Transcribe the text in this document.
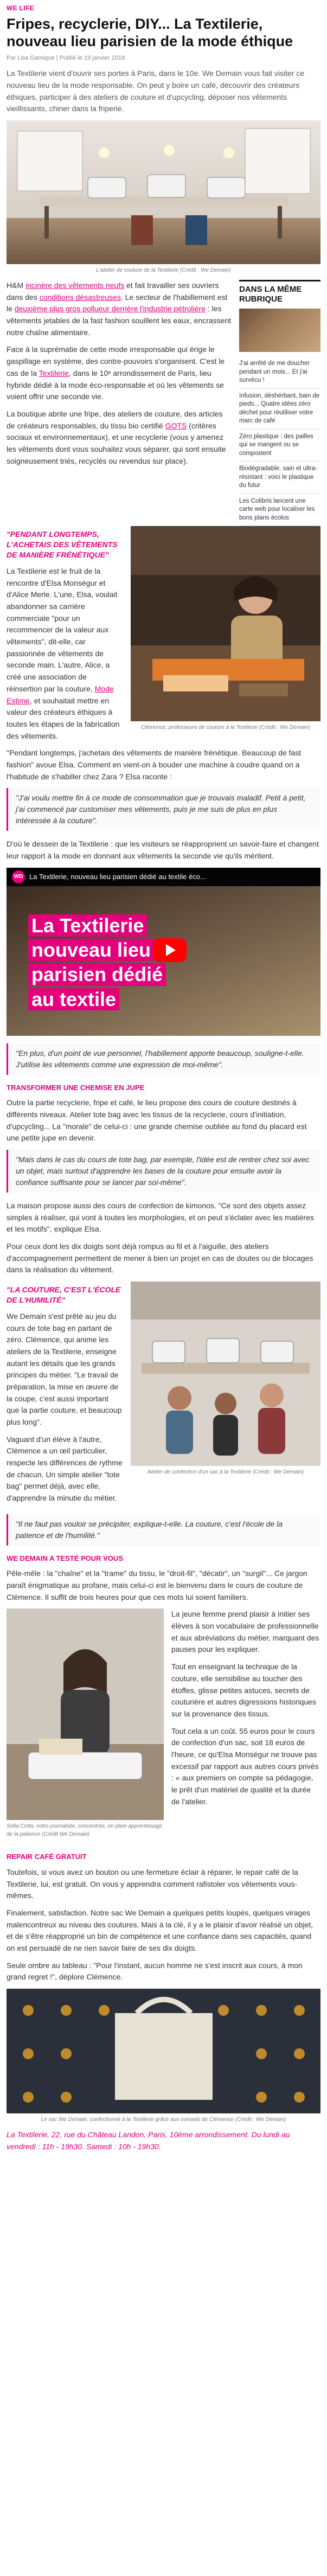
WE LIFE
Fripes, recyclerie, DIY... La Textilerie, nouveau lieu parisien de la mode éthique
Par Lisa Garnique | Publié le 19 janvier 2018

La Textilerie vient d'ouvrir ses portes à Paris, dans le 10e. We Demain vous fait visiter ce nouveau lieu de la mode responsable. On peut y boire un café, découvrir des créateurs éthiques, participer à des ateliers de couture et d'upcycling, déposer nos vêtements vieillissants, chiner dans la friperie.

L'atelier de couture de la Textilerie (Crédit : We Demain)

H&M incinère des vêtements neufs et fait travailler ses ouvriers dans des conditions désastreuses. Le secteur de l'habillement est le deuxième plus gros pollueur derrière l'industrie pétrolière : les vêtements jetables de la fast fashion souillent les eaux, encrassent notre chaîne alimentaire.

Face à la suprématie de cette mode irresponsable qui érige le gaspillage en système, des contre-pouvoirs s'organisent. C'est le cas de la Textilerie, dans le 10ᵉ arrondissement de Paris, lieu hybride dédié à la mode éco-responsable et où les vêtements se voient offrir une seconde vie.

La boutique abrite une fripe, des ateliers de couture, des articles de créateurs responsables, du tissu bio certifié GOTS (critères sociaux et environnementaux), et une recyclerie (vous y amenez les vêtements dont vous souhaitez vous séparer, qui sont ensuite soigneusement triés, recyclés ou revendus sur place).

DANS LA MÊME RUBRIQUE
J'ai arrêté de me doucher pendant un mois... Et j'ai survécu !
Infusion, déshérbant, bain de pieds... Quatre idées zéro déchet pour réutiliser votre marc de café
Zéro plastique : des pailles qui se mangent ou se compostent
Biodégradable, sain et ultra-résistant : voici le plastique du futur
Les Colibris lancent une carte web pour localiser les bons plans écolos
"PENDANT LONGTEMPS, L'ACHETAIS DES VÊTEMENTS DE MANIÈRE FRÉNÉTIQUE"

La Textilerie est le fruit de la rencontre d'Elsa Monségur et d'Alice Merle. L'une, Elsa, voulait abandonner sa carrière commerciale "pour un recommencer de la valeur aux vêtements", dit-elle, car passionnée de vêtements de seconde main. L'autre, Alice, a créé une association de réinsertion par la couture, Mode Estime, et souhaitait mettre en valeur des créateurs éthiques à toutes les étapes de la fabrication des vêtements.

Clémence, professeure de couture à la Textilerie (Crédit : We Demain)

"Pendant longtemps, j'achetais des vêtements de manière frénétique. Beaucoup de fast fashion" avoue Elsa. Comment en vient-on à bouder une machine à coudre quand on a l'habitude de s'habiller chez Zara ? Elsa raconte :

"J'ai voulu mettre fin à ce mode de consommation que je trouvais maladif. Petit à petit, j'ai commencé par customiser mes vêtements, puis je me suis de plus en plus intéressée à la couture".

D'où le dessein de la Textilerie : que les visiteurs se réapproprient un savoir-faire et changent leur rapport à la mode en donnant aux vêtements la seconde vie qu'ils méritent.

WD La Textilerie, nouveau lieu parisien dédié au textile éco...
La Textilerie
nouveau lieu
parisien dédié
au textile
"En plus, d'un point de vue personnel, l'habillement apporte beaucoup, souligne-t-elle. J'utilise les vêtements comme une expression de moi-même".
TRANSFORMER UNE CHEMISE EN JUPE

Outre la partie recyclerie, fripe et café, le lieu propose des cours de couture destinés à différents niveaux. Atelier tote bag avec les tissus de la recyclerie, cours d'initiation, d'upcycling... La "morale" de celui-ci : une grande chemise oubliée au fond du placard est une petite jupe en devenir.

"Mais dans le cas du cours de tote bag, par exemple, l'idée est de rentrer chez soi avec un objet, mais surtout d'apprendre les bases de la couture pour ensuite avoir la confiance suffisante pour se lancer par soi-même".

La maison propose aussi des cours de confection de kimonos. "Ce sont des objets assez simples à réaliser, qui vont à toutes les morphologies, et on peut s'éclater avec les matières et les motifs", explique Elsa.

Pour ceux dont les dix doigts sont déjà rompus au fil et à l'aiguille, des ateliers d'accompagnement permettent de mener à bien un projet en cas de doutes ou de blocages dans la réalisation du vêtement.

"LA COUTURE, C'EST L'ÉCOLE DE L'HUMILITÉ"

We Demain s'est prêté au jeu du cours de tote bag en partant de zéro. Clémence, qui anime les ateliers de la Textilerie, enseigne autant les détails que les grands principes du métier. "Le travail de préparation, la mise en œuvre de la coupe, c'est aussi important que la partie couture, et beaucoup plus long".

Vaguant d'un élève à l'autre, Clémence a un œil particulier, respecte les différences de rythme de chacun. Un simple atelier "tote bag" permet déjà, avec elle, d'apprendre la minutie du métier.

Atelier de confection d'un sac à la Textilerie (Crédit : We Demain)
"Il ne faut pas vouloir se précipiter, explique-t-elle. La couture, c'est l'école de la patience et de l'humilité."
WE DEMAIN A TESTÉ POUR VOUS

Pêle-mêle : la "chaîne" et la "trame" du tissu, le "droit-fil", "décatir", un "surgil"... Ce jargon paraît énigmatique au profane, mais celui-ci est le bienvenu dans le cours de couture de Clémence. Il suffit de trois heures pour que ces mots lui soient familiers.

Sofia Cetta, notre journaliste, concentrée, en plein apprentissage de la patience (Crédit We Demain)

La jeune femme prend plaisir à initier ses élèves à son vocabulaire de professionnelle et aux abréviations du métier, marquant des pauses pour les expliquer.

Tout en enseignant la technique de la couture, elle sensibilise au toucher des étoffes, glisse petites astuces, secrets de couturière et autres digressions historiques sur la provenance des tissus.

Tout cela a un coût. 55 euros pour le cours de confection d'un sac, soit 18 euros de l'heure, ce qu'Elsa Monségur ne trouve pas excessif par rapport aux autres cours privés : « aux premiers on compte sa pédagogie, le prêt d'un matériel de qualité et la durée de l'atelier.

REPAIR CAFÉ GRATUIT

Toutefois, si vous avez un bouton ou une fermeture éclair à réparer, le repair café de la Textilerie, lui, est gratuit. On vous y apprendra comment rafistoler vos vêtements vous-mêmes.

Finalement, satisfaction. Notre sac We Demain a quelques petits loupés, quelques virages malencontreux au niveau des coutures. Mais à la clé, il y a le plaisir d'avoir réalisé un objet, et de s'être réapproprié un bin de compétence et une confiance dans ses capacités, quand on est persuadé de ne rien savoir faire de ses dix doigts.

Seule ombre au tableau : "Pour l'instant, aucun homme ne s'est inscrit aux cours, à mon grand regret !", déplore Clémence.

Le sac We Demain, confectionné à la Textilerie grâce aux conseils de Clémence (Crédit : We Demain)

La Textilerie, 22, rue du Château Landon, Paris, 10ème arrondissement. Du lundi au vendredi : 11h - 19h30. Samedi : 10h - 19h30.
